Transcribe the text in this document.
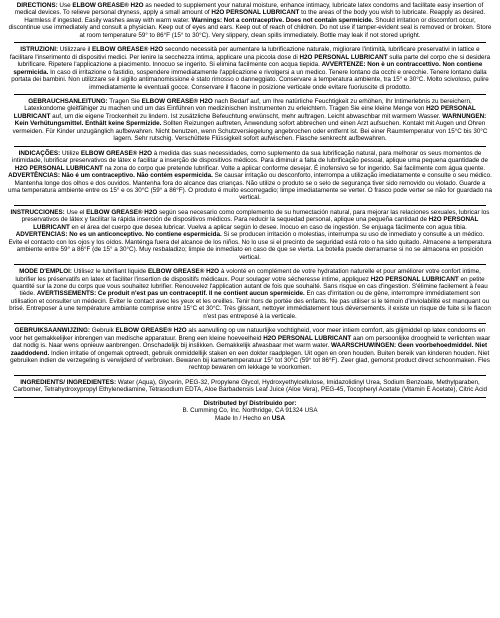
DIRECTIONS: Use ELBOW GREASE® H2O as needed to supplement your natural moisture, enhance intimacy, lubricate latex condoms and facilitate easy insertion of medical devices. To relieve personal dryness, apply a small amount of H2O PERSONAL LUBRICANT to the areas of the body you wish to lubricate. Reapply as desired. Harmless if ingested. Easily washes away with warm water. Warnings: Not a contraceptive. Does not contain spermicide. Should irritation or discomfort occur, discontinue use immediately and consult a physician. Keep out of eyes and ears. Keep out of reach of children. Do not use if tamper-evident seal is removed or broken. Store at room temperature 59° to 86°F (15° to 30°C). Very slippery, clean spills immediately. Bottle may leak if not stored upright.

ISTRUZIONI: Utilizzare il ELBOW GREASE® H2O secondo necessità per aumentare la lubrificazione naturale, migliorare l'intimità, lubrificare preservativi in lattice e facilitare l'inserimento di dispositivi medici. Per lenire la secchezza intima, applicare una piccola dose di H2O PERSONAL LUBRICANT sulla parte del corpo che si desidera lubrificare. Ripetere l'applicazione a piacimento. Innocuo se ingerito. Si elimina facilmente con acqua tiepida. AVVERTENZE: Non è un contraccettivo. Non contiene spermicida. In caso di irritazione o fastidio, sospendere immediatamente l'applicazione e rivolgersi a un medico. Tenere lontano da occhi e orecchie. Tenere lontano dalla portata dei bambini. Non utilizzare se il sigillo antimanomissione è stato rimosso o danneggiato. Conservare a temperatura ambiente, tra 15° e 30°C. Molto scivoloso, pulire immediatamente le eventuali gocce. Conservare il flacone in posizione verticale onde evitare fuoriuscite di prodotto.

GEBRAUCHSANLEITUNG: Tragen Sie ELBOW GREASE® H2O nach Bedarf auf, um Ihre natürliche Feuchtigkeit zu erhöhen, Ihr Intimerlebnis zu bereichern, Latexkondome gleitfähiger zu machen und um das Einführen von medizinischen Instrumenten zu erleichtern. Tragen Sie eine kleine Menge von H2O PERSONAL LUBRICANT auf, um die eigene Trockenheit zu lindern. Ist zusätzliche Befeuchtung erwünscht, mehr auftragen. Leicht abwaschbar mit warmem Wasser. WARNUNGEN: Kein Verhütungsmittel. Enthält keine Spermizide. Sollten Reizungen auftreten, Anwendung sofort abbrechen und einen Arzt aufsuchen. Kontakt mit Augen und Ohren vermeiden. Für Kinder unzugänglich aufbewahren. Nicht benutzen, wenn Schutzversiegelung angebrochen oder entfernt ist. Bei einer Raumtemperatur von 15°C bis 30°C lagern. Sehr rutschig. Verschüttete Flüssigkeit sofort aufwischen. Flasche senkrecht aufbewahren.

INDICAÇÕES: Utilize ELBOW GREASE® H2O à medida das suas necessidades, como suplemento da sua lubrificação natural, para melhorar os seus momentos de intimidade, lubrificar preservativos de látex e facilitar a inserção de dispositivos médicos. Para diminuir a falta de lubrificação pessoal, aplique uma pequena quantidade de H2O PERSONAL LUBRICANT na zona do corpo que pretende lubrificar. Volte a aplicar conforme desejar. É inofensivo se for ingerido. Sai facilmente com água quente. ADVERTÊNCIAS: Não é um contraceptivo. Não contém espermicida. Se causar irritação ou desconforto, interrompa a utilização imediatamente e consulte o seu médico. Mantenha longe dos olhos e dos ouvidos. Mantenha fora do alcance das crianças. Não utilize o produto se o selo de segurança tiver sido removido ou violado. Guarde a uma temperatura ambiente entre os 15° e os 30°C (59° a 86°F). O produto é muito escorregadio; limpe imediatamente se verter. O frasco pode verter se não for guardado na vertical.

INSTRUCCIONES: Use el ELBOW GREASE® H2O según sea necesario como complemento de su humectación natural, para mejorar las relaciones sexuales, lubricar los preservativos de látex y facilitar la rápida inserción de dispositivos médicos. Para reducir la sequedad personal, aplique una pequeña cantidad de H2O PERSONAL LUBRICANT en el área del cuerpo que desea lubricar. Vuelva a aplicar según lo desee. Inocuo en caso de ingestión. Se enjuaga fácilmente con agua tibia. ADVERTENCIAS: No es un anticonceptivo. No contiene espermicida. Si se producen irritación o molestias, interrumpa su uso de inmediato y consulte a un médico. Evite el contacto con los ojos y los oídos. Manténga fuera del alcance de los niños. No lo use si el precinto de seguridad está roto o ha sido quitado. Almacene a temperatura ambiente entre 59° a 86°F (de 15° a 30°C). Muy resbaladizo; limpie de inmediato en caso de que se vierta. La botella puede derramarse si no se almacena en posición vertical.

MODE D'EMPLOI: Utilisez le lubrifiant liquide ELBOW GREASE® H2O à volonté en complément de votre hydratation naturelle et pour améliorer votre confort intime, lubrifier les préservatifs en latex et faciliter l'insertion de dispositifs médicaux. Pour soulager votre sécheresse intime, appliquez H2O PERSONAL LUBRICANT en petite quantité sur la zone du corps que vous souhaitez lubrifier. Renouvelez l'application autant de fois que souhaité. Sans risque en cas d'ingestion. S'élimine facilement à l'eau tiède. AVERTISSEMENTS: Ce produit n'est pas un contraceptif. Il ne contient aucun spermicide. En cas d'irritation ou de gêne, interrompre immédiatement son utilisation et consulter un médecin. Eviter le contact avec les yeux et les oreilles. Tenir hors de portée des enfants. Ne pas utiliser si le témoin d'inviolabilité est manquant ou brisé. Entreposer à une température ambiante comprise entre 15°C et 30°C. Très glissant, nettoyer immédiatement tous déversements. il existe un risque de fuite si le flacon n'est pas entreposé à la verticale.

GEBRUIKSAANWIJZING: Gebruik ELBOW GREASE® H2O als aanvulling op uw natuurlijke vochtigheid, voor meer intiem comfort, als glijmiddel op latex condooms en voor het gemakkelijker inbrengen van medische apparatuur. Breng een kleine hoeveelheid H2O PERSONAL LUBRICANT aan om persoonlijke droogheid te verlichten waar dat nodig is. Naar wens opnieuw aanbrengen. Onschadelijk bij inslikken. Gemakkelijk afwasbaar met warm water. WAARSCHUWINGEN: Geen voorbehoedmiddel. Niet zaaddodend. Indien irritatie of ongemak optreedt, gebruik onmiddellijk staken en een dokter raadplegen. Uit ogen en oren houden. Buiten bereik van kinderen houden. Niet gebruiken indien de verzegeling is verwijderd of verbroken. Bewaren bij kamertemperatuur 15° tot 30°C (59° tot 86°F). Zeer glad, gemorst product direct schoonmaken. Fles rechtop bewaren om lekkage te voorkomen.

INGREDIENTS/ INGREDIENTES: Water (Aqua), Glycerin, PEG-32, Propylene Glycol, Hydroxyethylcellulose, Imidazolidinyl Urea, Sodium Benzoate, Methylparaben, Carbomer, Tetrahydroxypropyl Ethylenediamine, Tetrasodium EDTA, Aloe Barbadensis Leaf Juice (Aloe Vera), PEG-45, Tocopheryl Acetate (Vitamin E Acetate), Citric Acid

Distributed by/ Distribuido por:
B. Cumming Co, Inc. Northridge, CA 91324 USA
Made In / Hecho en USA
